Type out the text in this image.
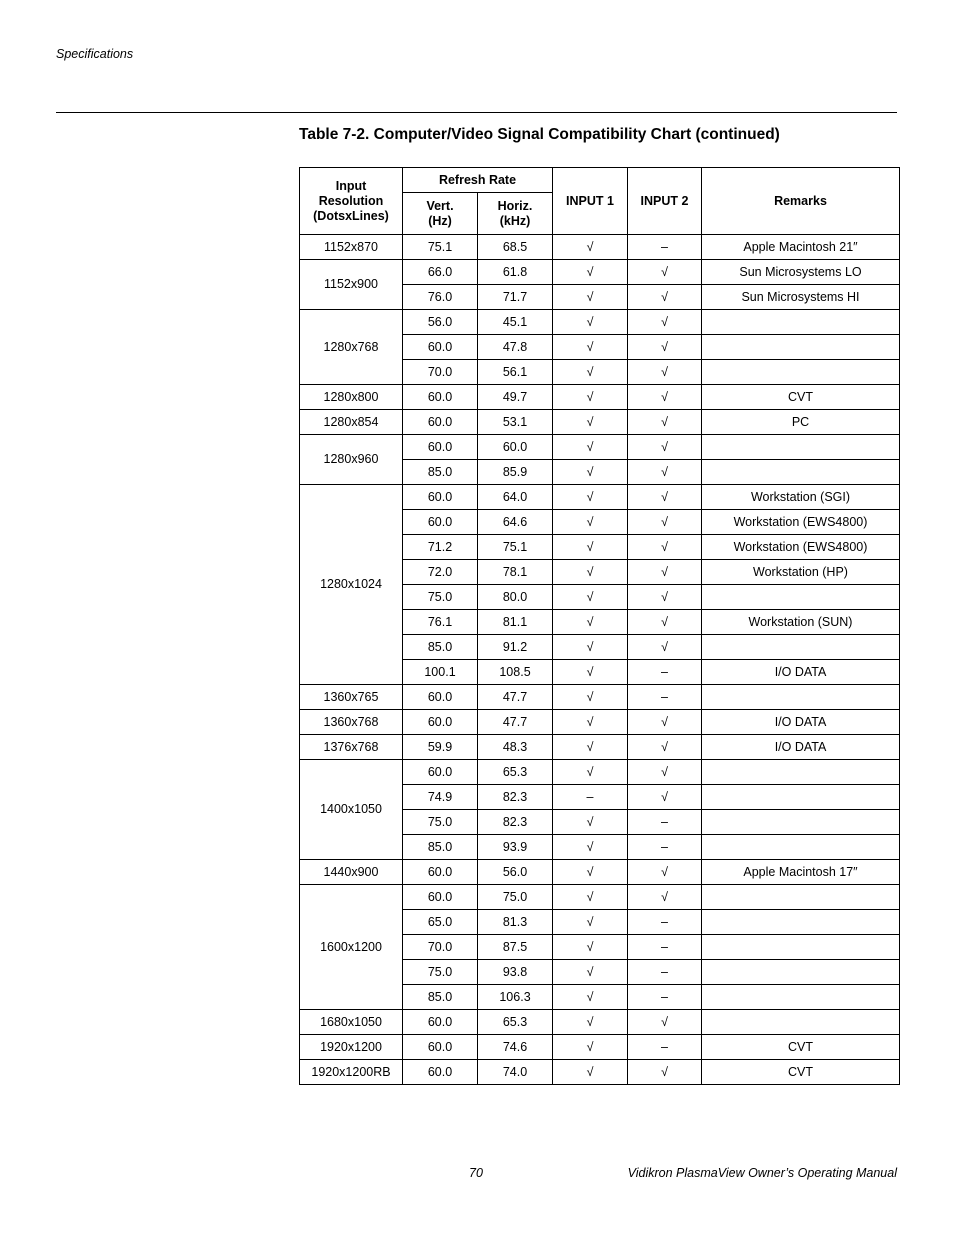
Specifications
Table 7-2. Computer/Video Signal Compatibility Chart (continued)
Input Resolution (DotsxLines)	Refresh Rate		INPUT 1	INPUT 2	Remarks
	Vert. (Hz)	Horiz. (kHz)			
1152x870	75.1	68.5	√	–	Apple Macintosh 21″
1152x900	66.0	61.8	√	√	Sun Microsystems LO
	76.0	71.7	√	√	Sun Microsystems HI
1280x768	56.0	45.1	√	√	
	60.0	47.8	√	√	
	70.0	56.1	√	√	
1280x800	60.0	49.7	√	√	CVT
1280x854	60.0	53.1	√	√	PC
1280x960	60.0	60.0	√	√	
	85.0	85.9	√	√	
1280x1024	60.0	64.0	√	√	Workstation (SGI)
	60.0	64.6	√	√	Workstation (EWS4800)
	71.2	75.1	√	√	Workstation (EWS4800)
	72.0	78.1	√	√	Workstation (HP)
	75.0	80.0	√	√	
	76.1	81.1	√	√	Workstation (SUN)
	85.0	91.2	√	√	
	100.1	108.5	√	–	I/O DATA
1360x765	60.0	47.7	√	–	
1360x768	60.0	47.7	√	√	I/O DATA
1376x768	59.9	48.3	√	√	I/O DATA
1400x1050	60.0	65.3	√	√	
	74.9	82.3	–	√	
	75.0	82.3	√	–	
	85.0	93.9	√	–	
1440x900	60.0	56.0	√	√	Apple Macintosh 17″
1600x1200	60.0	75.0	√	√	
	65.0	81.3	√	–	
	70.0	87.5	√	–	
	75.0	93.8	√	–	
	85.0	106.3	√	–	
1680x1050	60.0	65.3	√	√	
1920x1200	60.0	74.6	√	–	CVT
1920x1200RB	60.0	74.0	√	√	CVT
70	Vidikron PlasmaView Owner’s Operating Manual
